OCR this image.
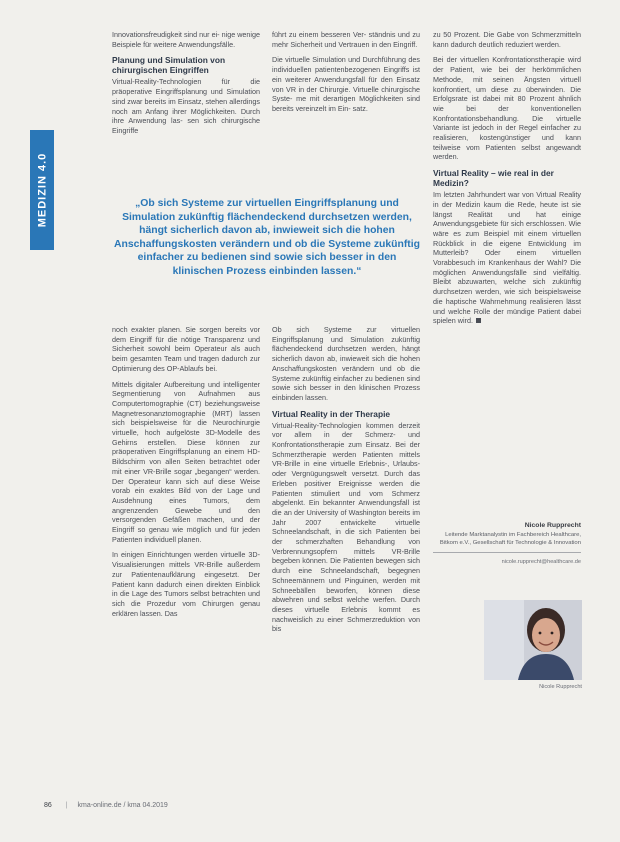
MEDIZIN 4.0

Innovationsfreudigkeit sind nur ei- nige wenige Beispiele für weitere Anwendungsfälle.

Planung und Simulation von chirurgischen Eingriffen

Virtual-Reality-Technologien für die präoperative Eingriffsplanung und Simulation sind zwar bereits im Einsatz, stehen allerdings noch am Anfang ihrer Möglichkeiten. Durch ihre Anwendung las- sen sich chirurgische Eingriffe

führt zu einem besseren Ver- ständnis und zu mehr Sicherheit und Vertrauen in den Eingriff.

Die virtuelle Simulation und Durchführung des individuellen patientenbezogenen Eingriffs ist ein weiterer Anwendungsfall für den Einsatz von VR in der Chirurgie. Virtuelle chirurgische Syste- me mit derartigen Möglichkeiten sind bereits vereinzelt im Ein- satz.

zu 50 Prozent. Die Gabe von Schmerzmitteln kann dadurch deutlich reduziert werden.

Bei der virtuellen Konfrontationstherapie wird der Patient, wie bei der herkömmlichen Methode, mit seinen Ängsten virtuell konfrontiert, um diese zu überwinden. Die Erfolgsrate ist dabei mit 80 Prozent ähnlich wie bei der konventionellen Konfrontationsbehandlung. Die virtuelle Variante ist jedoch in der Regel einfacher zu realisieren, kostengünstiger und kann teilweise vom Patienten selbst angewandt werden.

Virtual Reality – wie real in der Medizin?

Im letzten Jahrhundert war von Virtual Reality in der Medizin kaum die Rede, heute ist sie längst Realität und hat einige Anwendungsgebiete für sich erschlossen. Wie wäre es zum Beispiel mit einem virtuellen Rückblick in die eigene Entwicklung im Mutterleib? Oder einem virtuellen Vorabbesuch im Krankenhaus der Wahl? Die möglichen Anwendungsfälle sind vielfältig. Bleibt abzuwarten, welche sich zukünftig durchsetzen werden, wie sich beispielsweise die haptische Wahrnehmung realisieren lässt und welche Rolle der mündige Patient dabei spielen wird.

„Ob sich Systeme zur virtuellen Eingriffsplanung und Simulation zukünftig flächendeckend durchsetzen werden, hängt sicherlich davon ab, inwieweit sich die hohen Anschaffungskosten verändern und ob die Systeme zukünftig einfacher zu bedienen sind sowie sich besser in den klinischen Prozess einbinden lassen.“

noch exakter planen. Sie sorgen bereits vor dem Eingriff für die nötige Transparenz und Sicherheit sowohl beim Operateur als auch beim gesamten Team und tragen dadurch zur Optimierung des OP-Ablaufs bei.

Mittels digitaler Aufbereitung und intelligenter Segmentierung von Aufnahmen aus Computertomographie (CT) beziehungsweise Magnetresonanztomographie (MRT) lassen sich beispielsweise für die Neurochirurgie virtuelle, hoch aufgelöste 3D-Modelle des Gehirns erstellen. Diese können zur präoperativen Eingriffsplanung an einem HD-Bildschirm von allen Seiten betrachtet oder mit einer VR-Brille sogar „begangen“ werden. Der Operateur kann sich auf diese Weise vorab ein exaktes Bild von der Lage und Ausdehnung eines Tumors, dem angrenzenden Gewebe und den versorgenden Gefäßen machen, und der Eingriff so genau wie möglich und für jeden Patienten individuell planen.

In einigen Einrichtungen werden virtuelle 3D-Visualisierungen mittels VR-Brille außerdem zur Patientenaufklärung eingesetzt. Der Patient kann dadurch einen direkten Einblick in die Lage des Tumors selbst betrachten und sich die Prozedur vom Chirurgen genau erklären lassen. Das

Ob sich Systeme zur virtuellen Eingriffsplanung und Simulation zukünftig flächendeckend durchsetzen werden, hängt sicherlich davon ab, inwieweit sich die hohen Anschaffungskosten verändern und ob die Systeme zukünftig einfacher zu bedienen sind sowie sich besser in den klinischen Prozess einbinden lassen.

Virtual Reality in der Therapie

Virtual-Reality-Technologien kommen derzeit vor allem in der Schmerz- und Konfrontationstherapie zum Einsatz. Bei der Schmerztherapie werden Patienten mittels VR-Brille in eine virtuelle Erlebnis-, Urlaubs- oder Vergnügungswelt versetzt. Durch das Erleben positiver Ereignisse werden die Patienten stimuliert und vom Schmerz abgelenkt. Ein bekannter Anwendungsfall ist die an der University of Washington bereits im Jahr 2007 entwickelte virtuelle Schneelandschaft, in die sich Patienten bei der schmerzhaften Behandlung von Verbrennungsopfern mittels VR-Brille begeben können. Die Patienten bewegen sich durch eine Schneelandschaft, begegnen Schneemännern und Pinguinen, werden mit Schneebällen beworfen, können diese abwehren und selbst welche werfen. Durch dieses virtuelle Erlebnis kommt es nachweislich zu einer Schmerzreduktion von bis

Nicole Rupprecht
Leitende Marktanalystin im Fachbereich Healthcare, Bitkom e.V., Gesellschaft für Technologie & Innovation
nicole.rupprecht@healthcare.de
Nicole Rupprecht
86 | kma-online.de / kma 04.2019
